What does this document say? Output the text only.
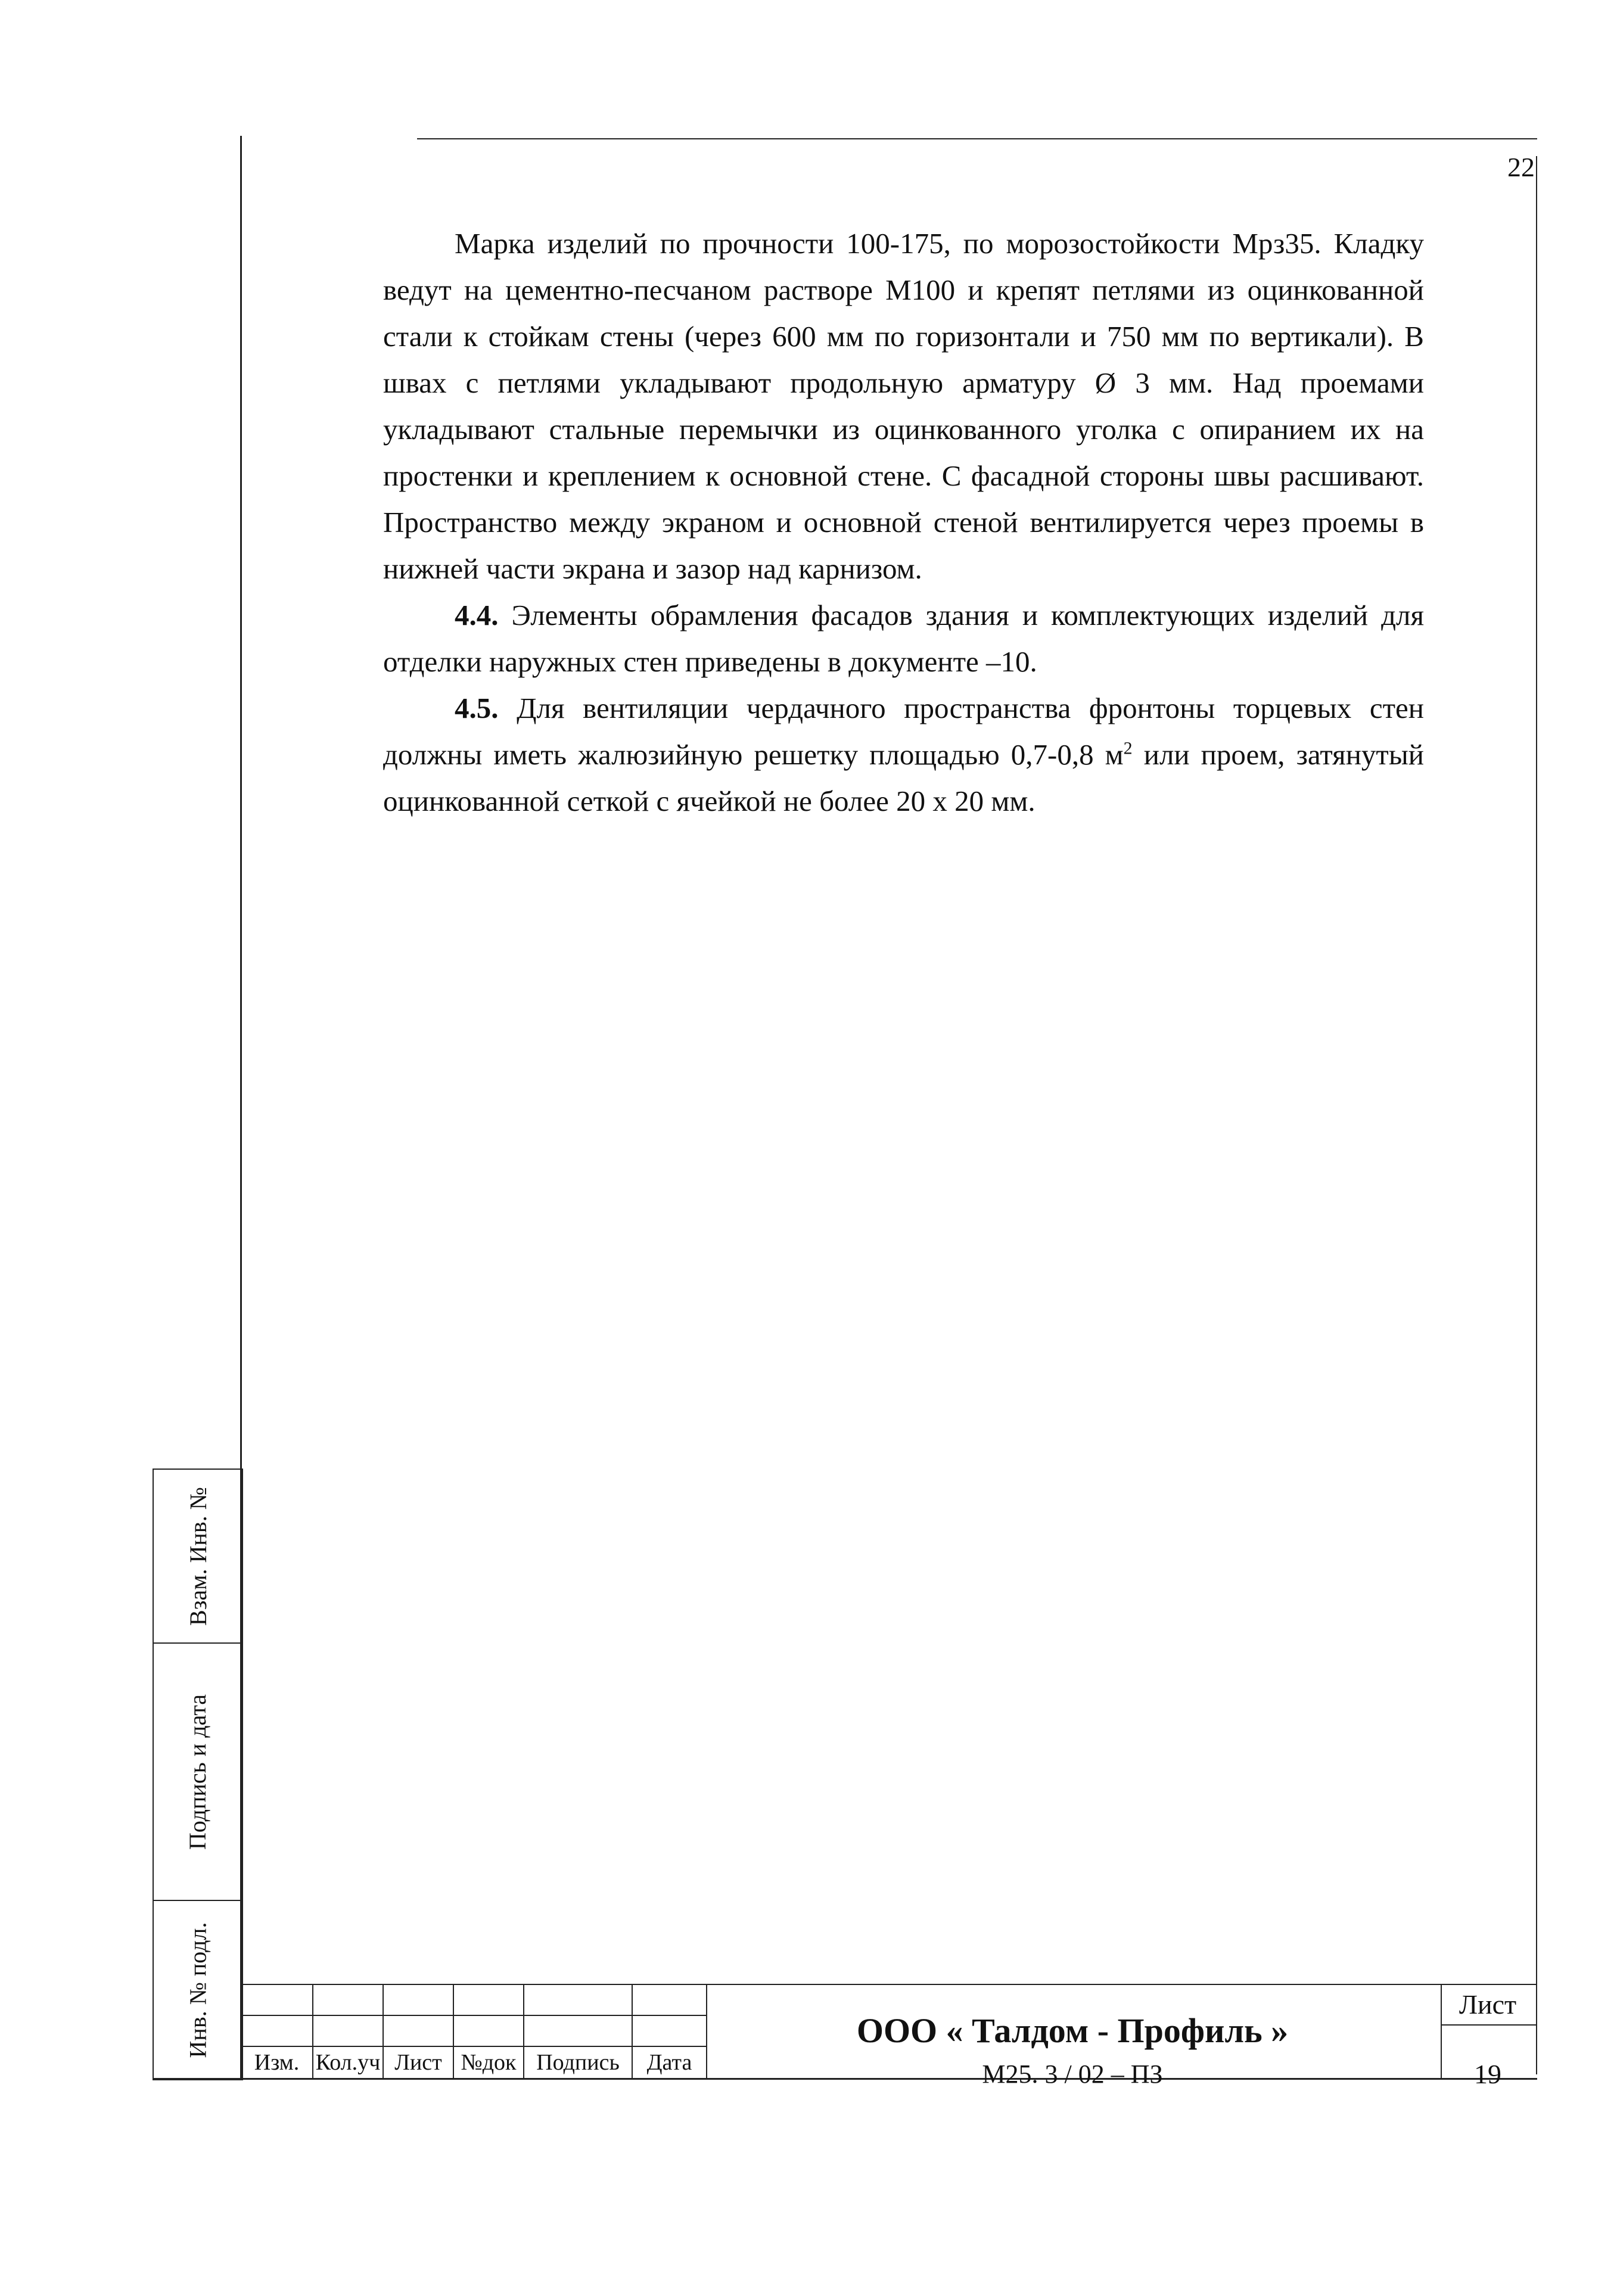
22

Марка изделий по прочности 100-175, по морозостойкости Мрз35. Кладку ведут на цементно-песчаном растворе М100 и крепят петлями из оцинкованной стали к стойкам стены (через 600 мм по горизонтали и 750 мм по вертикали). В швах с петлями укладывают продольную арматуру Ø 3 мм. Над проемами укладывают стальные перемычки из оцинкованного уголка с опиранием их на простенки и креплением к основной стене. С фасадной стороны швы расшивают. Пространство между экраном и основной стеной вентилируется через проемы в нижней части экрана и зазор над карнизом.

4.4. Элементы обрамления фасадов здания и комплектующих изделий для отделки наружных стен приведены в документе –10.

4.5. Для вентиляции чердачного пространства фронтоны торцевых стен должны иметь жалюзийную решетку площадью 0,7-0,8 $м^2$ или проем, затянутый оцинкованной сеткой с ячейкой не более 20 х 20 мм.

Взам. Инв. №
Подпись и дата
Инв. № подл.
Изм. Кол.уч Лист №док Подпись	Дата
ООО « Талдом - Профиль »
М25. 3 / 02 – ПЗ
Лист
19
